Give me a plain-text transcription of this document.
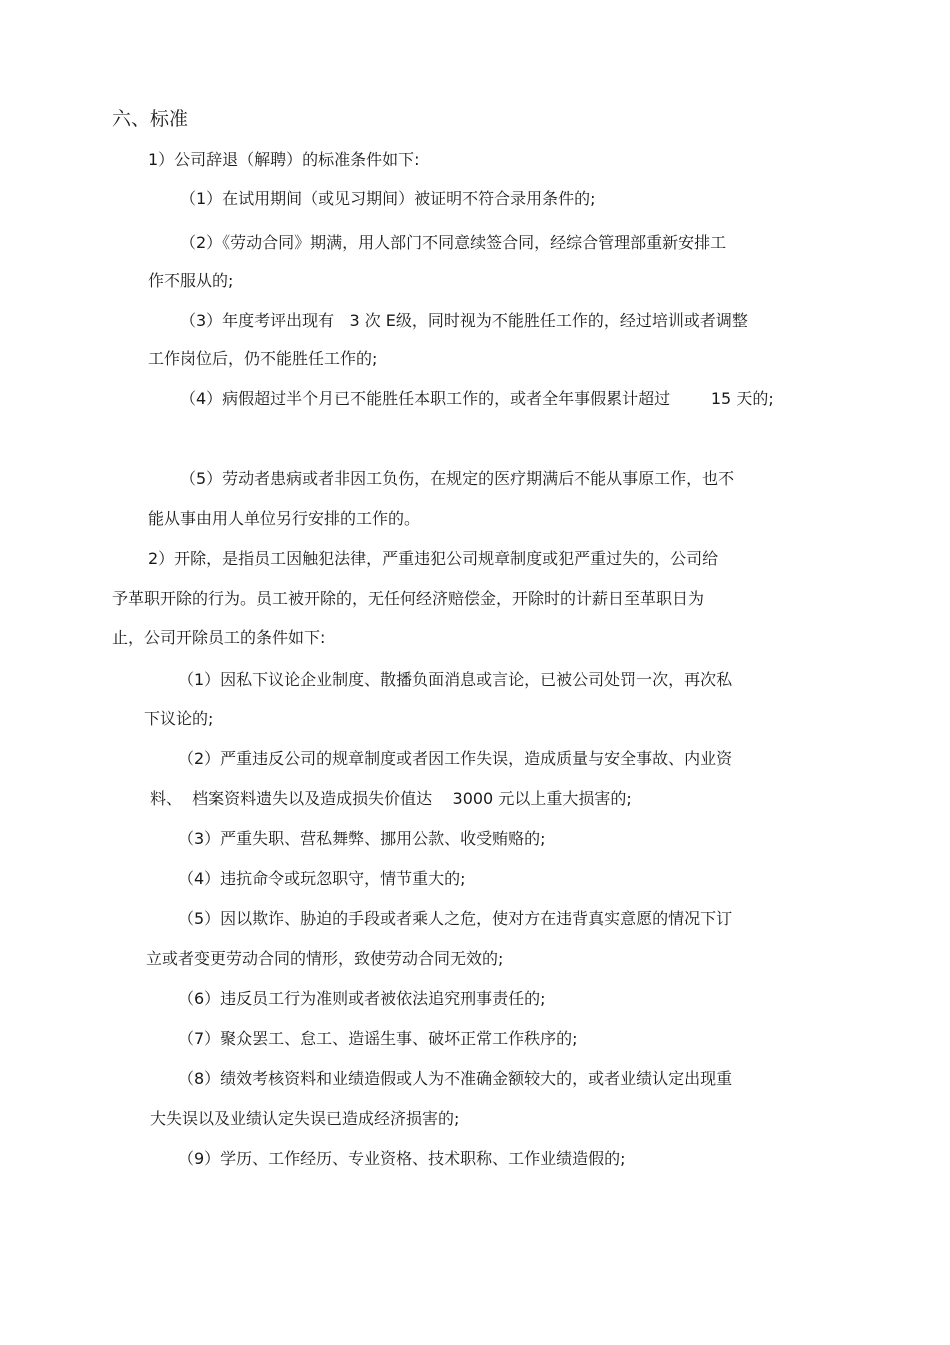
六、标准
1）公司辞退（解聘）的标准条件如下:
（1）在试用期间（或见习期间）被证明不符合录用条件的;
（2）《劳动合同》期满，用人部门不同意续签合同，经综合管理部重新安排工
作不服从的;
（3）年度考评出现有   3 次 E级，同时视为不能胜任工作的，经过培训或者调整
工作岗位后，仍不能胜任工作的;
（4）病假超过半个月已不能胜任本职工作的，或者全年事假累计超过        15 天的;
（5）劳动者患病或者非因工负伤，在规定的医疗期满后不能从事原工作，也不
能从事由用人单位另行安排的工作的。
2）开除，是指员工因触犯法律，严重违犯公司规章制度或犯严重过失的，公司给
予革职开除的行为。员工被开除的，无任何经济赔偿金，开除时的计薪日至革职日为
止，公司开除员工的条件如下:
（1）因私下议论企业制度、散播负面消息或言论，已被公司处罚一次，再次私
下议论的;
（2）严重违反公司的规章制度或者因工作失误，造成质量与安全事故、内业资
料、  档案资料遗失以及造成损失价值达    3000 元以上重大损害的;
（3）严重失职、营私舞弊、挪用公款、收受贿赂的;
（4）违抗命令或玩忽职守，情节重大的;
（5）因以欺诈、胁迫的手段或者乘人之危，使对方在违背真实意愿的情况下订
立或者变更劳动合同的情形，致使劳动合同无效的;
（6）违反员工行为准则或者被依法追究刑事责任的;
（7）聚众罢工、怠工、造谣生事、破坏正常工作秩序的;
（8）绩效考核资料和业绩造假或人为不准确金额较大的，或者业绩认定出现重
大失误以及业绩认定失误已造成经济损害的;
（9）学历、工作经历、专业资格、技术职称、工作业绩造假的;
